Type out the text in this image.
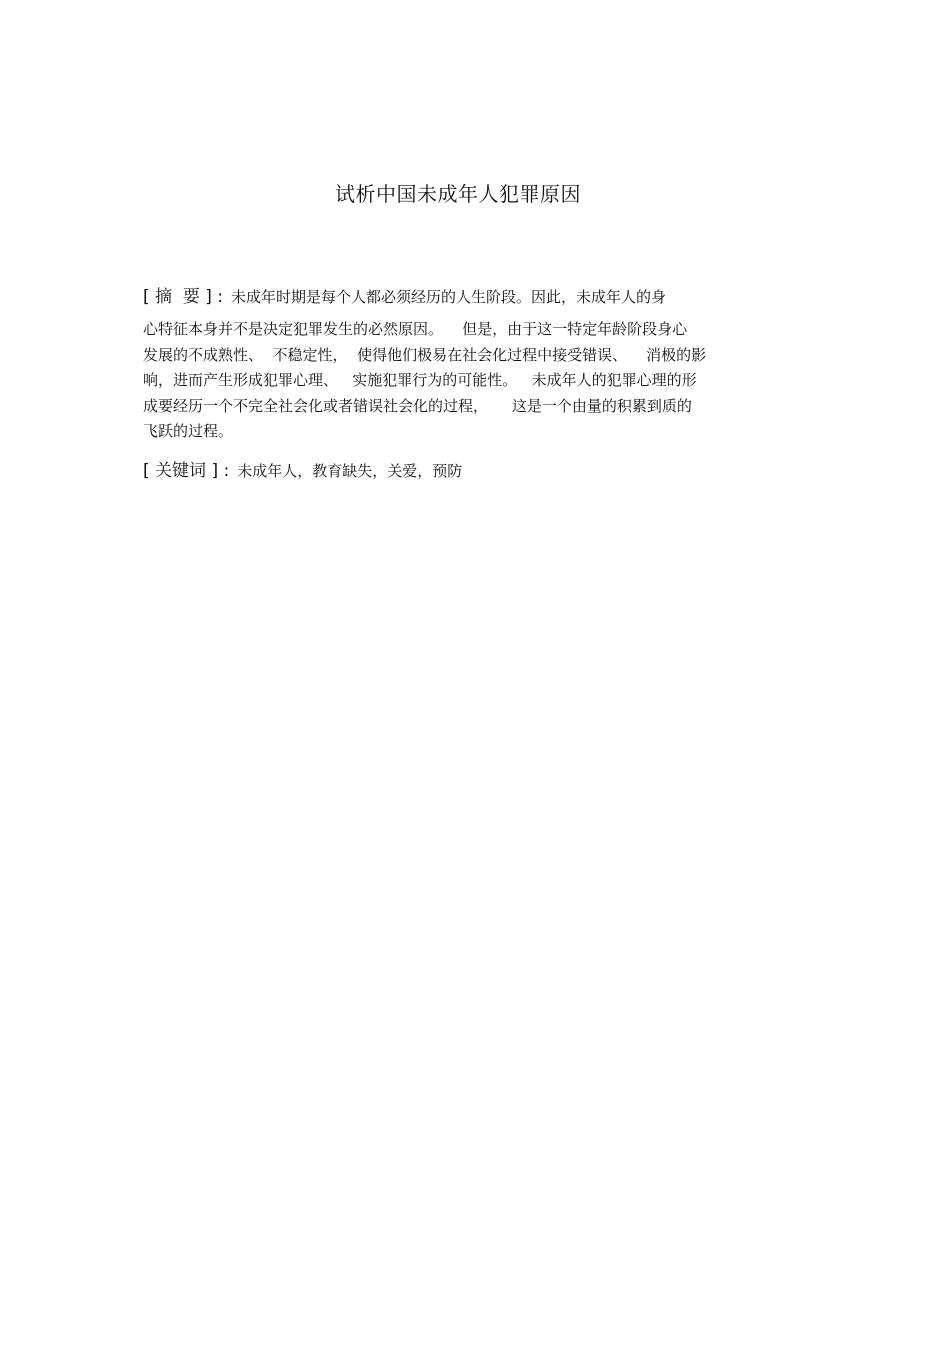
试析中国未成年人犯罪原因
[ 摘  要 ] : 未成年时期是每个人都必须经历的人生阶段。因此，未成年人的身
心特征本身并不是决定犯罪发生的必然原因。    但是，由于这一特定年龄阶段身心
发展的不成熟性、  不稳定性，  使得他们极易在社会化过程中接受错误、    消极的影
响，进而产生形成犯罪心理、   实施犯罪行为的可能性。   未成年人的犯罪心理的形
成要经历一个不完全社会化或者错误社会化的过程，     这是一个由量的积累到质的
飞跃的过程。
[ 关键词 ] : 未成年人，教育缺失，关爱，预防
